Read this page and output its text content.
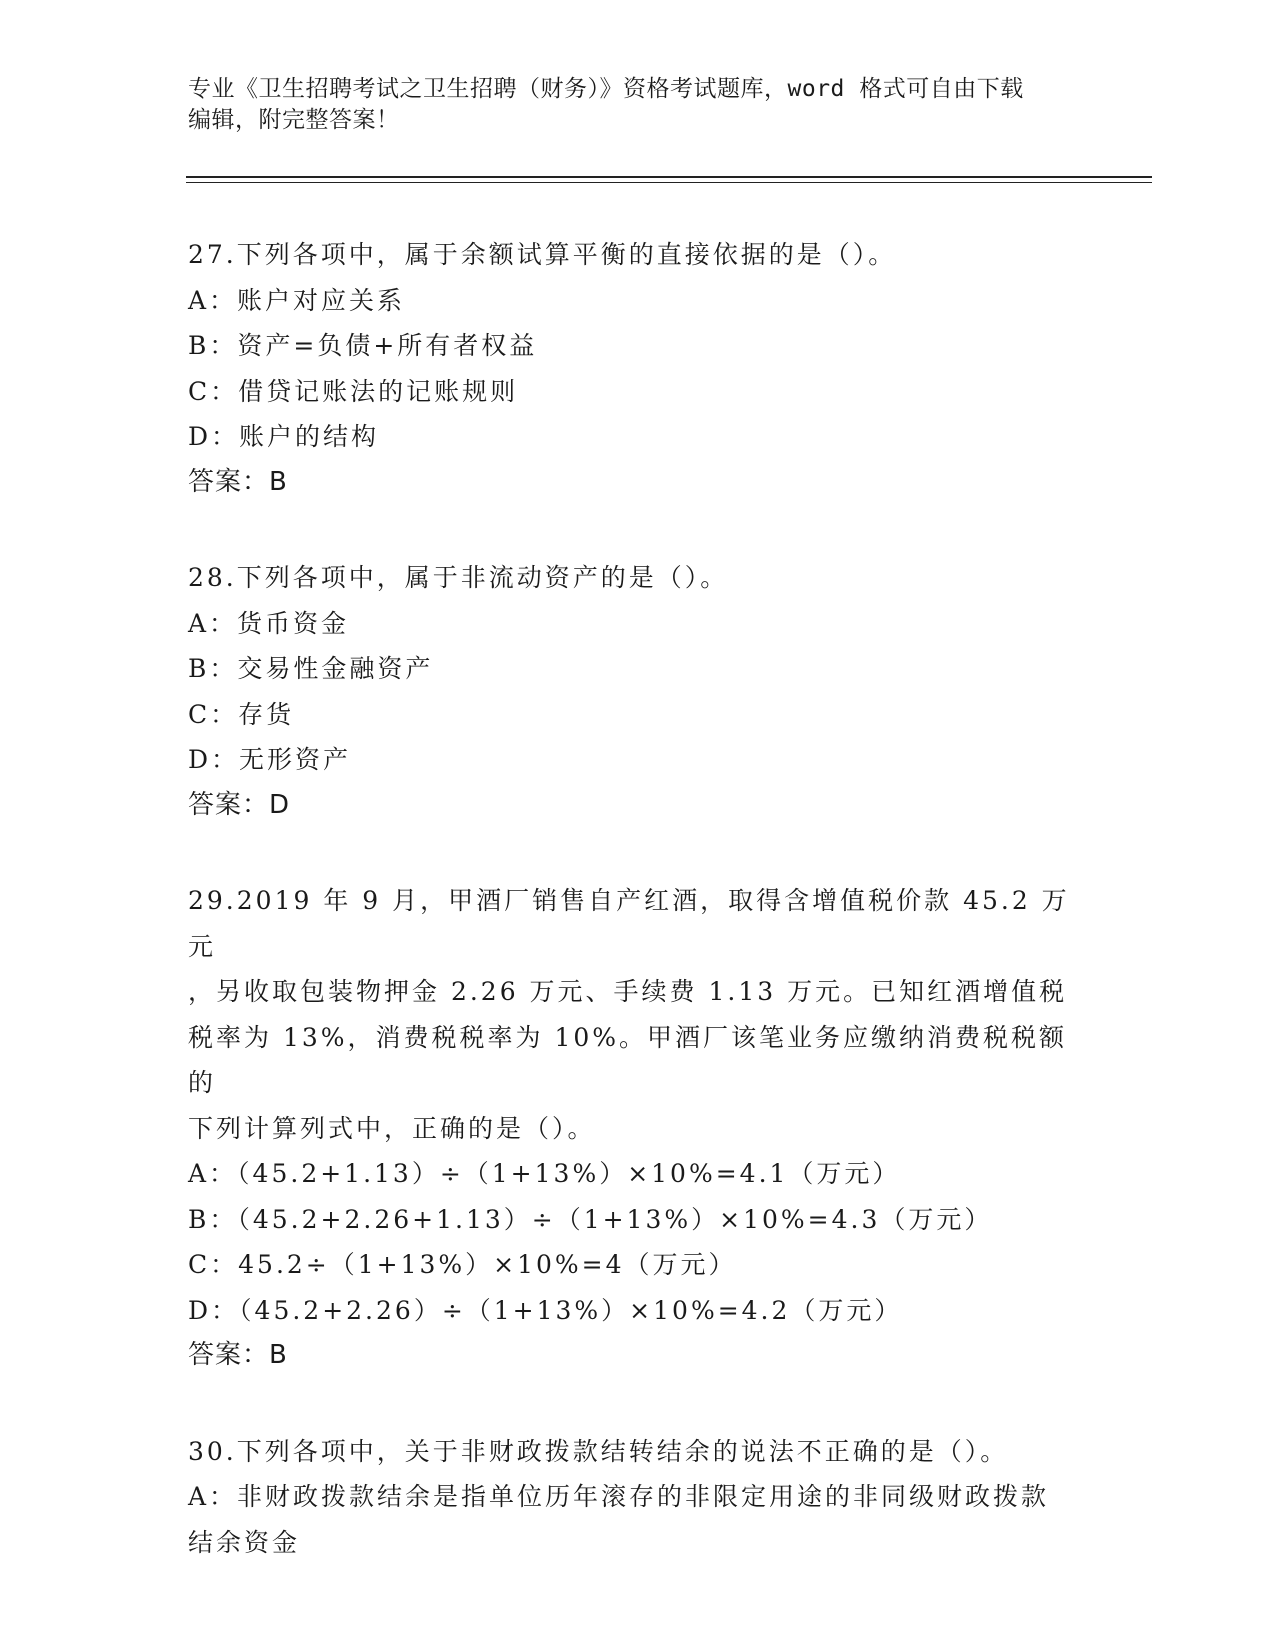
专业《卫生招聘考试之卫生招聘（财务）》资格考试题库，word 格式可自由下载
编辑，附完整答案！
27.下列各项中，属于余额试算平衡的直接依据的是（）。
A：账户对应关系
B：资产=负债+所有者权益
C：借贷记账法的记账规则
D：账户的结构
答案：B
28.下列各项中，属于非流动资产的是（）。
A：货币资金
B：交易性金融资产
C：存货
D：无形资产
答案：D
29.2019 年 9 月，甲酒厂销售自产红酒，取得含增值税价款 45.2 万元
，另收取包装物押金 2.26 万元、手续费 1.13 万元。已知红酒增值税
税率为 13%，消费税税率为 10%。甲酒厂该笔业务应缴纳消费税税额的
下列计算列式中，正确的是（）。
A：（45.2+1.13）÷（1+13%）×10%=4.1（万元）
B：（45.2+2.26+1.13）÷（1+13%）×10%=4.3（万元）
C：45.2÷（1+13%）×10%=4（万元）
D：（45.2+2.26）÷（1+13%）×10%=4.2（万元）
答案：B
30.下列各项中，关于非财政拨款结转结余的说法不正确的是（）。
A：非财政拨款结余是指单位历年滚存的非限定用途的非同级财政拨款
结余资金
